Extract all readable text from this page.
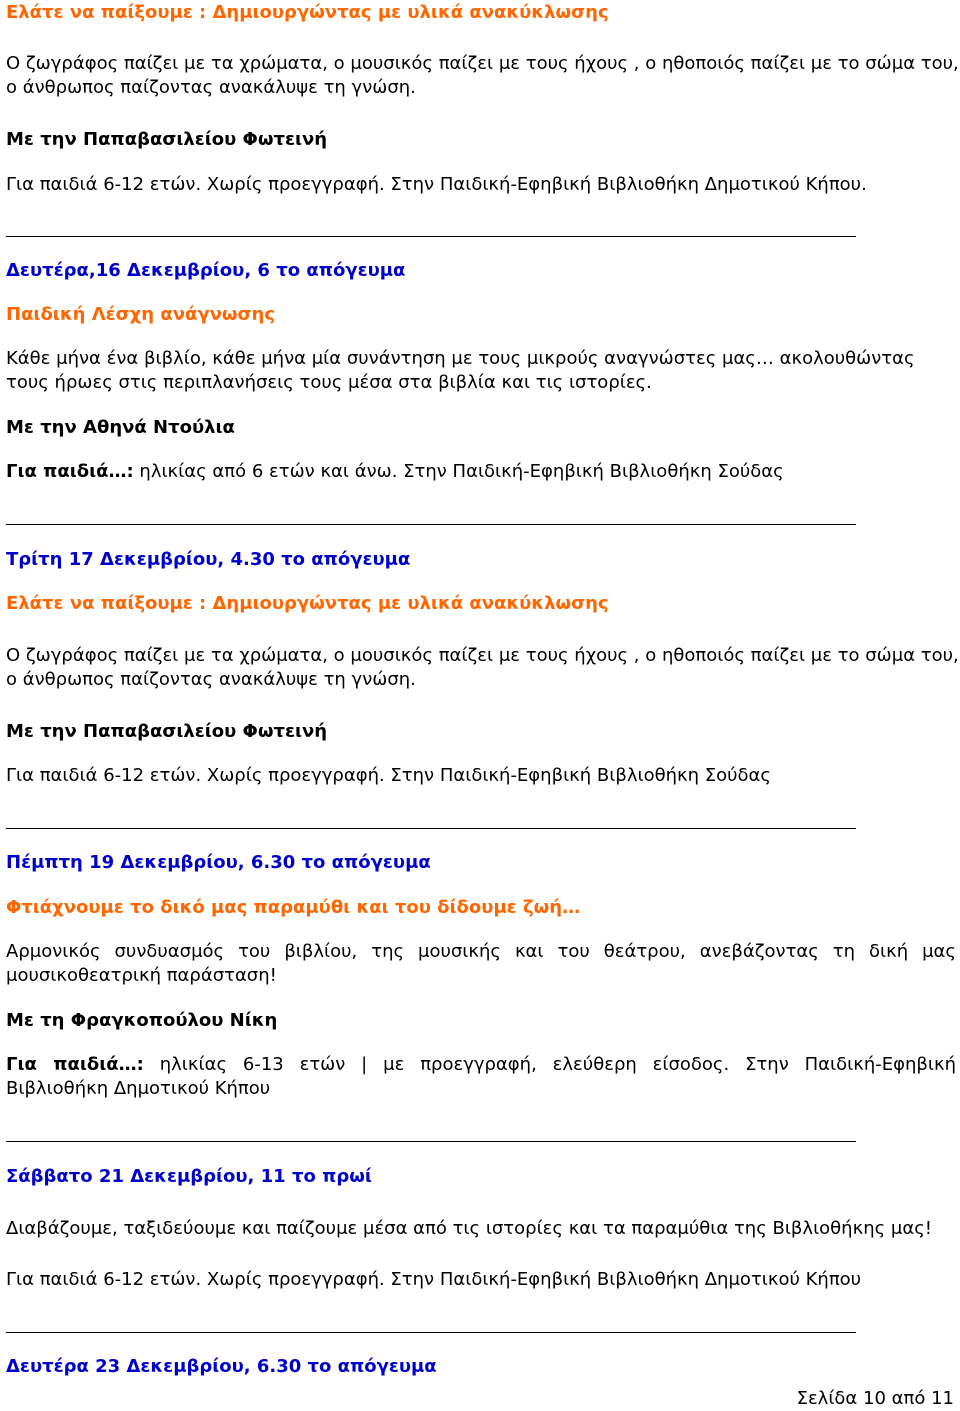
Ελάτε να παίξουμε : Δημιουργώντας με υλικά ανακύκλωσης
Ο ζωγράφος παίζει με τα χρώματα, ο μουσικός παίζει με τους ήχους , ο ηθοποιός παίζει με το σώμα του,
ο άνθρωπος παίζοντας ανακάλυψε τη γνώση.
Με την Παπαβασιλείου Φωτεινή
Για παιδιά 6-12 ετών. Χωρίς προεγγραφή. Στην Παιδική-Εφηβική Βιβλιοθήκη Δημοτικού Κήπου.
Δευτέρα,16 Δεκεμβρίου, 6 το απόγευμα
Παιδική Λέσχη ανάγνωσης
Κάθε μήνα ένα βιβλίο, κάθε μήνα μία συνάντηση με τους μικρούς αναγνώστες μας… ακολουθώντας
τους ήρωες στις περιπλανήσεις τους μέσα στα βιβλία και τις ιστορίες.
Με την Αθηνά Ντούλια
Για παιδιά…: ηλικίας από 6 ετών και άνω. Στην Παιδική-Εφηβική Βιβλιοθήκη Σούδας
Τρίτη 17 Δεκεμβρίου, 4.30 το απόγευμα
Ελάτε να παίξουμε : Δημιουργώντας με υλικά ανακύκλωσης
Ο ζωγράφος παίζει με τα χρώματα, ο μουσικός παίζει με τους ήχους , ο ηθοποιός παίζει με το σώμα του,
ο άνθρωπος παίζοντας ανακάλυψε τη γνώση.
Με την Παπαβασιλείου Φωτεινή
Για παιδιά 6-12 ετών. Χωρίς προεγγραφή. Στην Παιδική-Εφηβική Βιβλιοθήκη Σούδας
Πέμπτη 19 Δεκεμβρίου, 6.30 το απόγευμα
Φτιάχνουμε το δικό μας παραμύθι και του δίδουμε ζωή…
Αρμονικός συνδυασμός του βιβλίου, της μουσικής και του θεάτρου, ανεβάζοντας τη δική μας
μουσικοθεατρική παράσταση!
Με τη Φραγκοπούλου Νίκη
Για παιδιά…: ηλικίας 6-13 ετών | με προεγγραφή, ελεύθερη είσοδος. Στην Παιδική-Εφηβική
Βιβλιοθήκη Δημοτικού Κήπου
Σάββατο 21 Δεκεμβρίου, 11 το πρωί
Διαβάζουμε, ταξιδεύουμε και παίζουμε μέσα από τις ιστορίες και τα παραμύθια της Βιβλιοθήκης μας!
Για παιδιά 6-12 ετών. Χωρίς προεγγραφή. Στην Παιδική-Εφηβική Βιβλιοθήκη Δημοτικού Κήπου
Δευτέρα 23 Δεκεμβρίου, 6.30 το απόγευμα
Σελίδα 10 από 11
